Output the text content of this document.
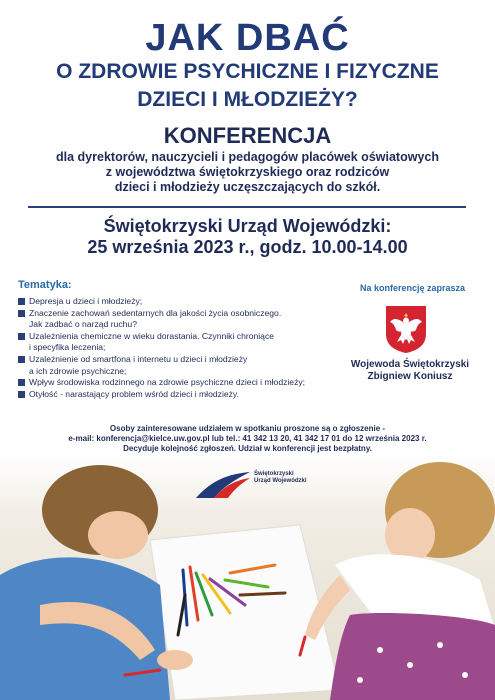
JAK DBAĆ
O ZDROWIE PSYCHICZNE I FIZYCZNE
DZIECI I MŁODZIEŻY?
KONFERENCJA
dla dyrektorów, nauczycieli i pedagogów placówek oświatowych
z województwa świętokrzyskiego oraz rodziców
dzieci i młodzieży uczęszczających do szkół.
Świętokrzyski Urząd Wojewódzki:
25 września 2023 r., godz. 10.00-14.00
Tematyka:
Depresja u dzieci i młodzieży;
Znaczenie zachowań sedentarnych dla jakości życia osobniczego.
Jak zadbać o narząd ruchu?
Uzależnienia chemiczne w wieku dorastania. Czynniki chroniące
i specyfika leczenia;
Uzależnienie od smartfona i internetu u dzieci i młodzieży
a ich zdrowie psychiczne;
Wpływ środowiska rodzinnego na zdrowie psychiczne dzieci i młodzieży;
Otyłość - narastający problem wśród dzieci i młodzieży.
Na konferencję zaprasza
Wojewoda Świętokrzyski
Zbigniew Koniusz
Osoby zainteresowane udziałem w spotkaniu proszone są o zgłoszenie -
e-mail: konferencja@kielce.uw.gov.pl lub tel.: 41 342 13 20, 41 342 17 01 do 12 września 2023 r.
Decyduje kolejność zgłoszeń. Udział w konferencji jest bezpłatny.
Świętokrzyski
Urząd Wojewódzki
